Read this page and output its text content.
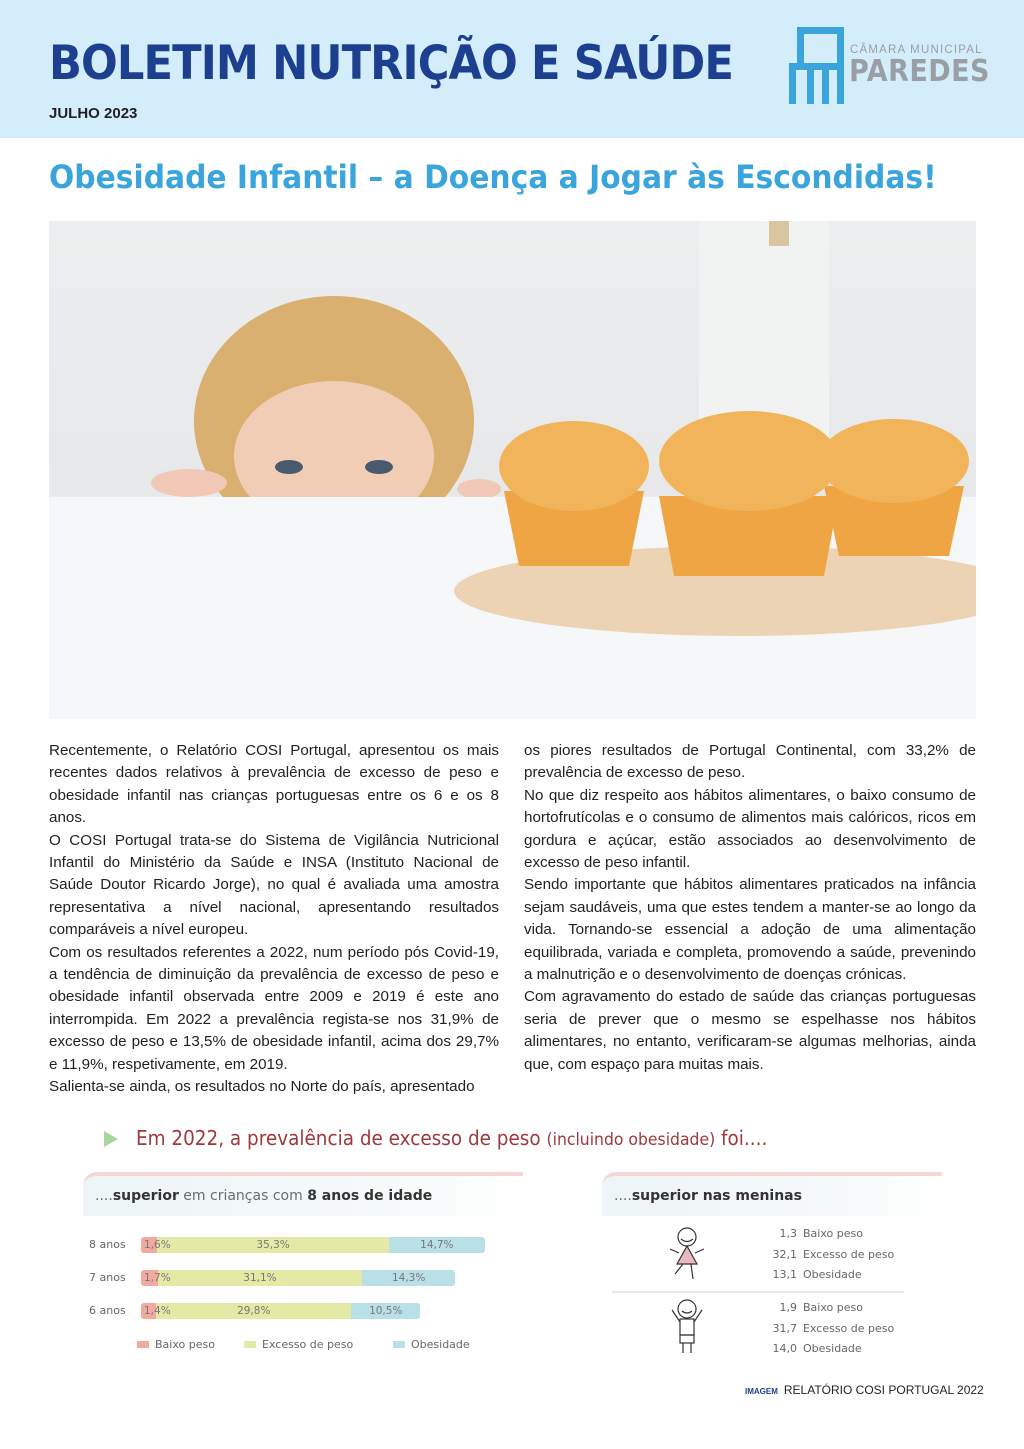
BOLETIM NUTRIÇÃO E SAÚDE
JULHO 2023
CÂMARA MUNICIPAL
PAREDES
Obesidade Infantil – a Doença a Jogar às Escondidas!

Recentemente, o Relatório COSI Portugal, apresentou os mais recentes dados relativos à prevalência de excesso de peso e obesidade infantil nas crianças portuguesas entre os 6 e os 8 anos.

O COSI Portugal trata-se do Sistema de Vigilância Nutricional Infantil do Ministério da Saúde e INSA (Instituto Nacional de Saúde Doutor Ricardo Jorge), no qual é avaliada uma amostra representativa a nível nacional, apresentando resultados comparáveis a nível europeu.

Com os resultados referentes a 2022, num período pós Covid-19, a tendência de diminuição da prevalência de excesso de peso e obesidade infantil observada entre 2009 e 2019 é este ano interrompida. Em 2022 a prevalência regista-se nos 31,9% de excesso de peso e 13,5% de obesidade infantil, acima dos 29,7% e 11,9%, respetivamente, em 2019.

Salienta-se ainda, os resultados no Norte do país, apresentado

os piores resultados de Portugal Continental, com 33,2% de prevalência de excesso de peso.

No que diz respeito aos hábitos alimentares, o baixo consumo de hortofrutícolas e o consumo de alimentos mais calóricos, ricos em gordura e açúcar, estão associados ao desenvolvimento de excesso de peso infantil.

Sendo importante que hábitos alimentares praticados na infância sejam saudáveis, uma que estes tendem a manter-se ao longo da vida. Tornando-se essencial a adoção de uma alimentação equilibrada, variada e completa, promovendo a saúde, prevenindo a malnutrição e o desenvolvimento de doenças crónicas.

Com agravamento do estado de saúde das crianças portuguesas seria de prever que o mesmo se espelhasse nos hábitos alimentares, no entanto, verificaram-se algumas melhorias, ainda que, com espaço para muitas mais.

Em 2022, a prevalência de excesso de peso (incluindo obesidade) foi....
....superior em crianças com 8 anos de idade
8 anos 1,6%	35,3%	14,7%
7 anos 1,7%	31,1%	14,3%
6 anos 1,4%	29,8%	10,5%
Baixo peso	Excesso de peso	Obesidade
....superior nas meninas
1,3 Baixo peso
32,1 Excesso de peso
13,1 Obesidade
1,9 Baixo peso
31,7 Excesso de peso
14,0 Obesidade
IMAGEM RELATÓRIO COSI PORTUGAL 2022
